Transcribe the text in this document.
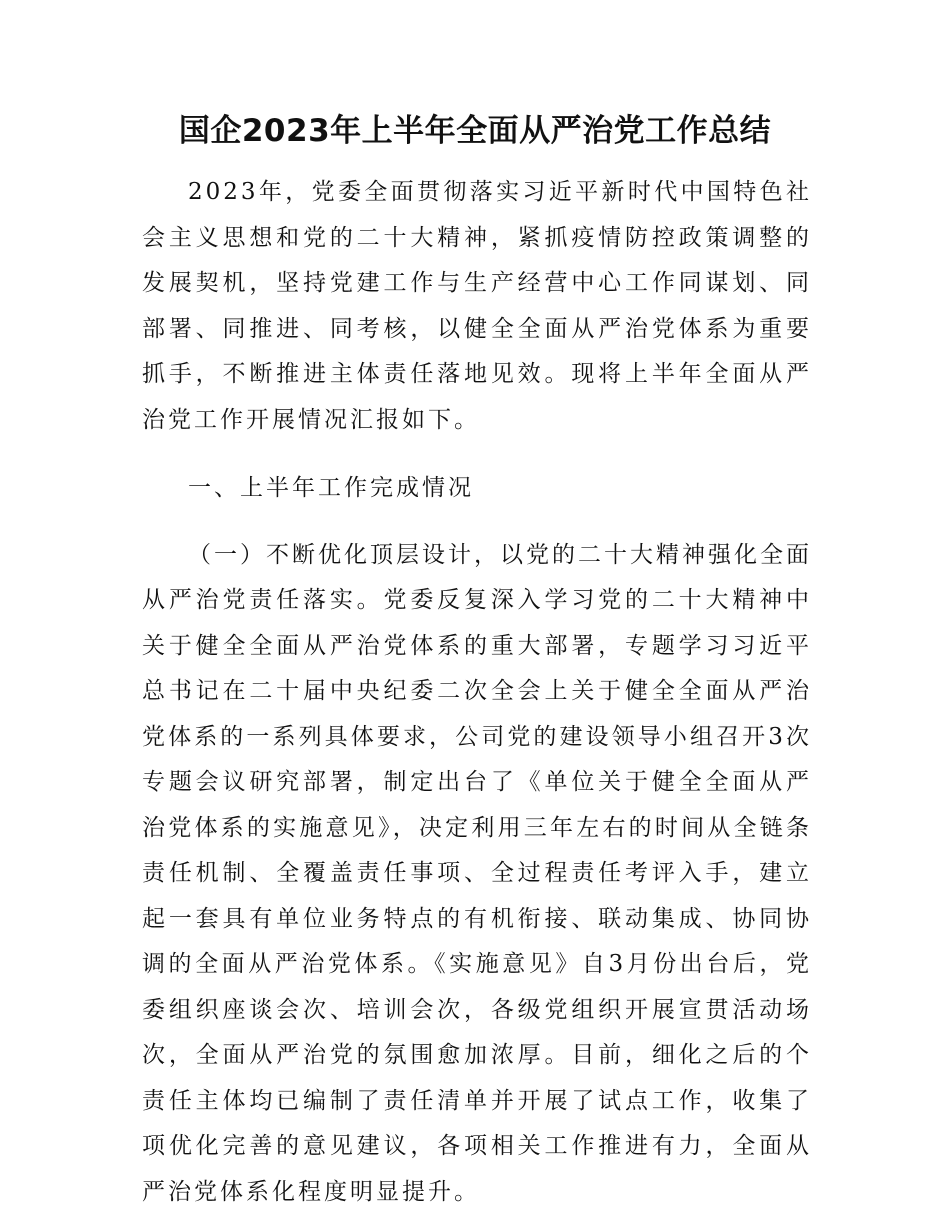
国企2023年上半年全面从严治党工作总结

2023年，党委全面贯彻落实习近平新时代中国特色社会主义思想和党的二十大精神，紧抓疫情防控政策调整的发展契机，坚持党建工作与生产经营中心工作同谋划、同部署、同推进、同考核，以健全全面从严治党体系为重要抓手，不断推进主体责任落地见效。现将上半年全面从严治党工作开展情况汇报如下。

一、上半年工作完成情况

（一）不断优化顶层设计，以党的二十大精神强化全面从严治党责任落实。党委反复深入学习党的二十大精神中关于健全全面从严治党体系的重大部署，专题学习习近平总书记在二十届中央纪委二次全会上关于健全全面从严治党体系的一系列具体要求，公司党的建设领导小组召开3次专题会议研究部署，制定出台了《单位关于健全全面从严治党体系的实施意见》，决定利用三年左右的时间从全链条责任机制、全覆盖责任事项、全过程责任考评入手，建立起一套具有单位业务特点的有机衔接、联动集成、协同协调的全面从严治党体系。《实施意见》自3月份出台后，党委组织座谈会次、培训会次，各级党组织开展宣贯活动场次，全面从严治党的氛围愈加浓厚。目前，细化之后的个责任主体均已编制了责任清单并开展了试点工作，收集了项优化完善的意见建议，各项相关工作推进有力，全面从严治党体系化程度明显提升。
